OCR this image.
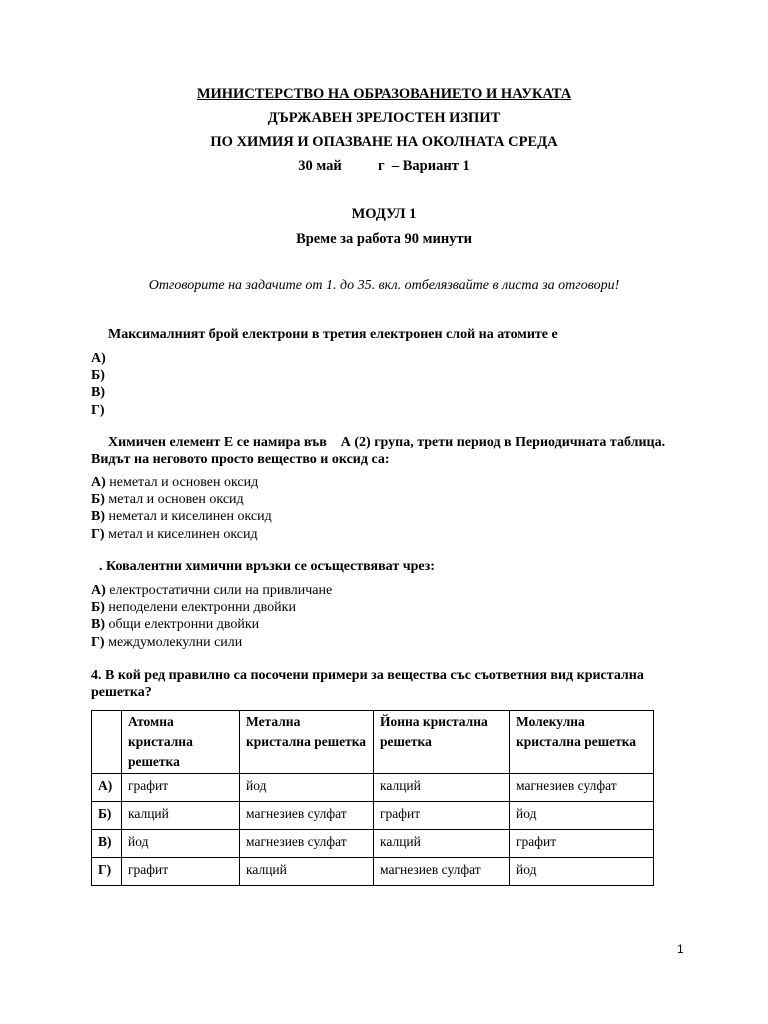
МИНИСТЕРСТВО НА ОБРАЗОВАНИЕТО И НАУКАТА
ДЪРЖАВЕН ЗРЕЛОСТЕН ИЗПИТ
ПО ХИМИЯ И ОПАЗВАНЕ НА ОКОЛНАТА СРЕДА
30 май          г  – Вариант 1
МОДУЛ 1
Време за работа 90 минути
Отговорите на задачите от 1. до 35. вкл. отбелязвайте в листа за отговори!
Максималният брой електрони в третия електронен слой на атомите е
А)
Б)
В)
Г)
Химичен елемент Е се намира във    А (2) група, трети период в Периодичната таблица. Видът на неговото просто вещество и оксид са:
А) неметал и основен оксид
Б) метал и основен оксид
В) неметал и киселинен оксид
Г) метал и киселинен оксид
. Ковалентни химични връзки се осъществяват чрез:
А) електростатични сили на привличане
Б) неподелени електронни двойки
В) общи електронни двойки
Г) междумолекулни сили
4. В кой ред правилно са посочени примери за вещества със съответния вид кристална решетка?
	Атомна кристална решетка	Метална кристална решетка	Йонна кристална решетка	Молекулна кристална решетка
А)	графит	йод	калций	магнезиев сулфат
Б)	калций	магнезиев сулфат	графит	йод
В)	йод	магнезиев сулфат	калций	графит
Г)	графит	калций	магнезиев сулфат	йод
1
